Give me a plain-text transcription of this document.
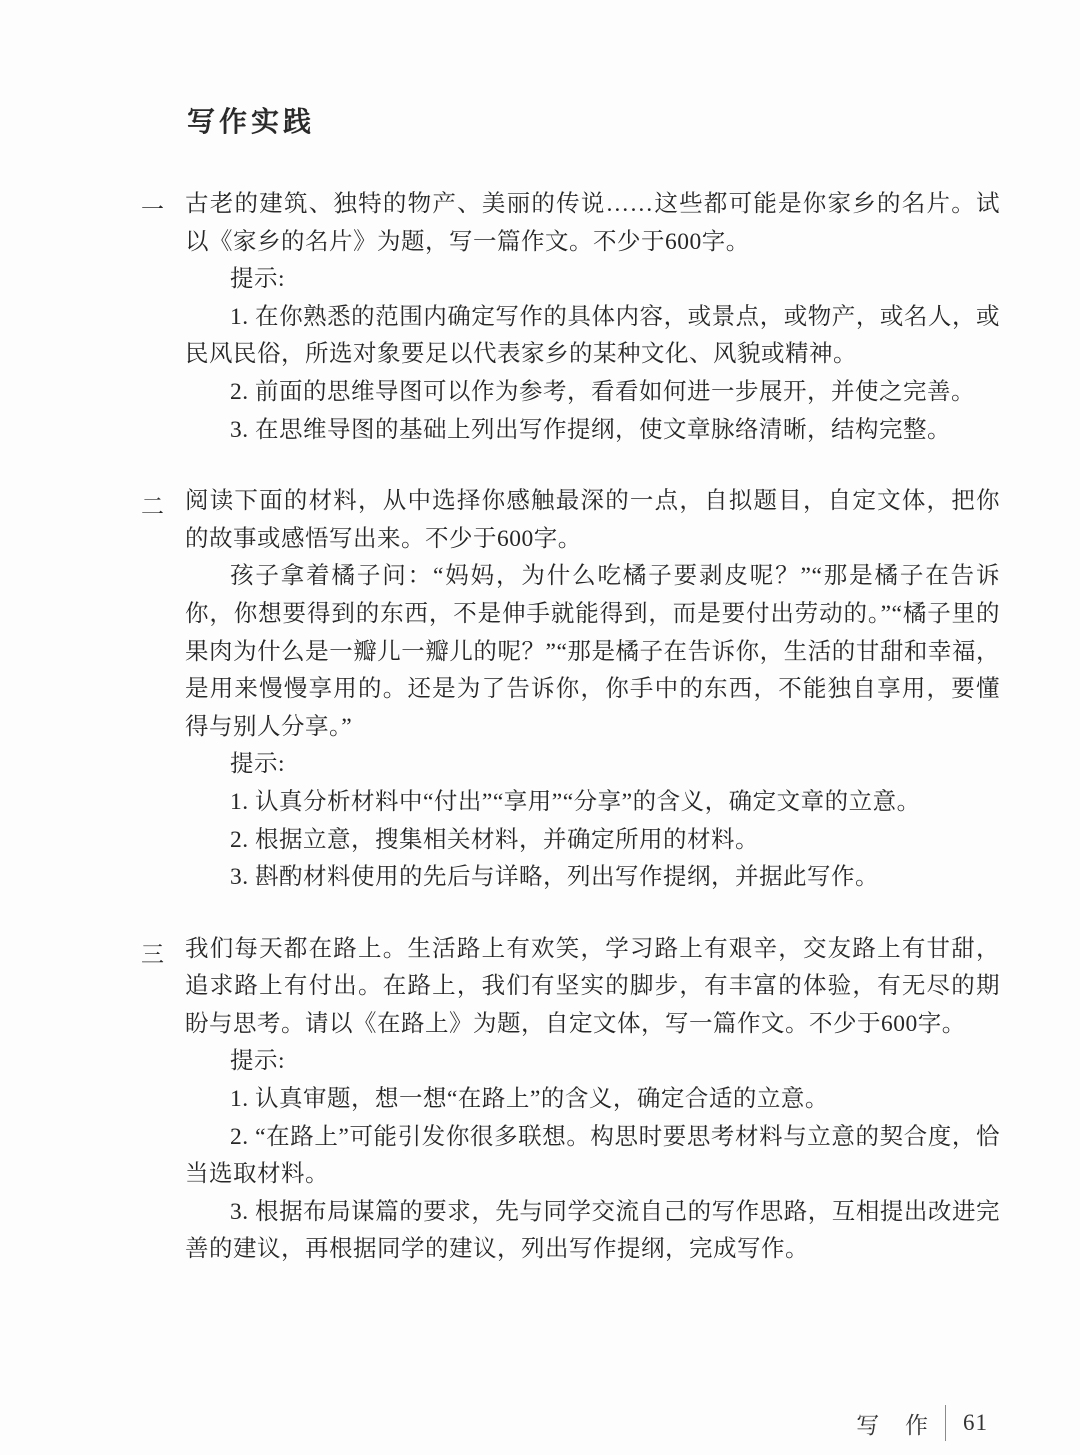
写作实践
一 古老的建筑、独特的物产、美丽的传说……这些都可能是你家乡的名片。试以《家乡的名片》为题，写一篇作文。不少于600字。

提示:

1. 在你熟悉的范围内确定写作的具体内容，或景点，或物产，或名人，或民风民俗，所选对象要足以代表家乡的某种文化、风貌或精神。

2. 前面的思维导图可以作为参考，看看如何进一步展开，并使之完善。

3. 在思维导图的基础上列出写作提纲，使文章脉络清晰，结构完整。

二 阅读下面的材料，从中选择你感触最深的一点，自拟题目，自定文体，把你的故事或感悟写出来。不少于600字。

孩子拿着橘子问：“妈妈，为什么吃橘子要剥皮呢？”“那是橘子在告诉你，你想要得到的东西，不是伸手就能得到，而是要付出劳动的。”“橘子里的果肉为什么是一瓣儿一瓣儿的呢？”“那是橘子在告诉你，生活的甘甜和幸福，是用来慢慢享用的。还是为了告诉你，你手中的东西，不能独自享用，要懂得与别人分享。”

提示:

1. 认真分析材料中“付出”“享用”“分享”的含义，确定文章的立意。

2. 根据立意，搜集相关材料，并确定所用的材料。

3. 斟酌材料使用的先后与详略，列出写作提纲，并据此写作。

三 我们每天都在路上。生活路上有欢笑，学习路上有艰辛，交友路上有甘甜，追求路上有付出。在路上，我们有坚实的脚步，有丰富的体验，有无尽的期盼与思考。请以《在路上》为题，自定文体，写一篇作文。不少于600字。

提示:

1. 认真审题，想一想“在路上”的含义，确定合适的立意。

2. “在路上”可能引发你很多联想。构思时要思考材料与立意的契合度，恰当选取材料。

3. 根据布局谋篇的要求，先与同学交流自己的写作思路，互相提出改进完善的建议，再根据同学的建议，列出写作提纲，完成写作。

写 作 61
